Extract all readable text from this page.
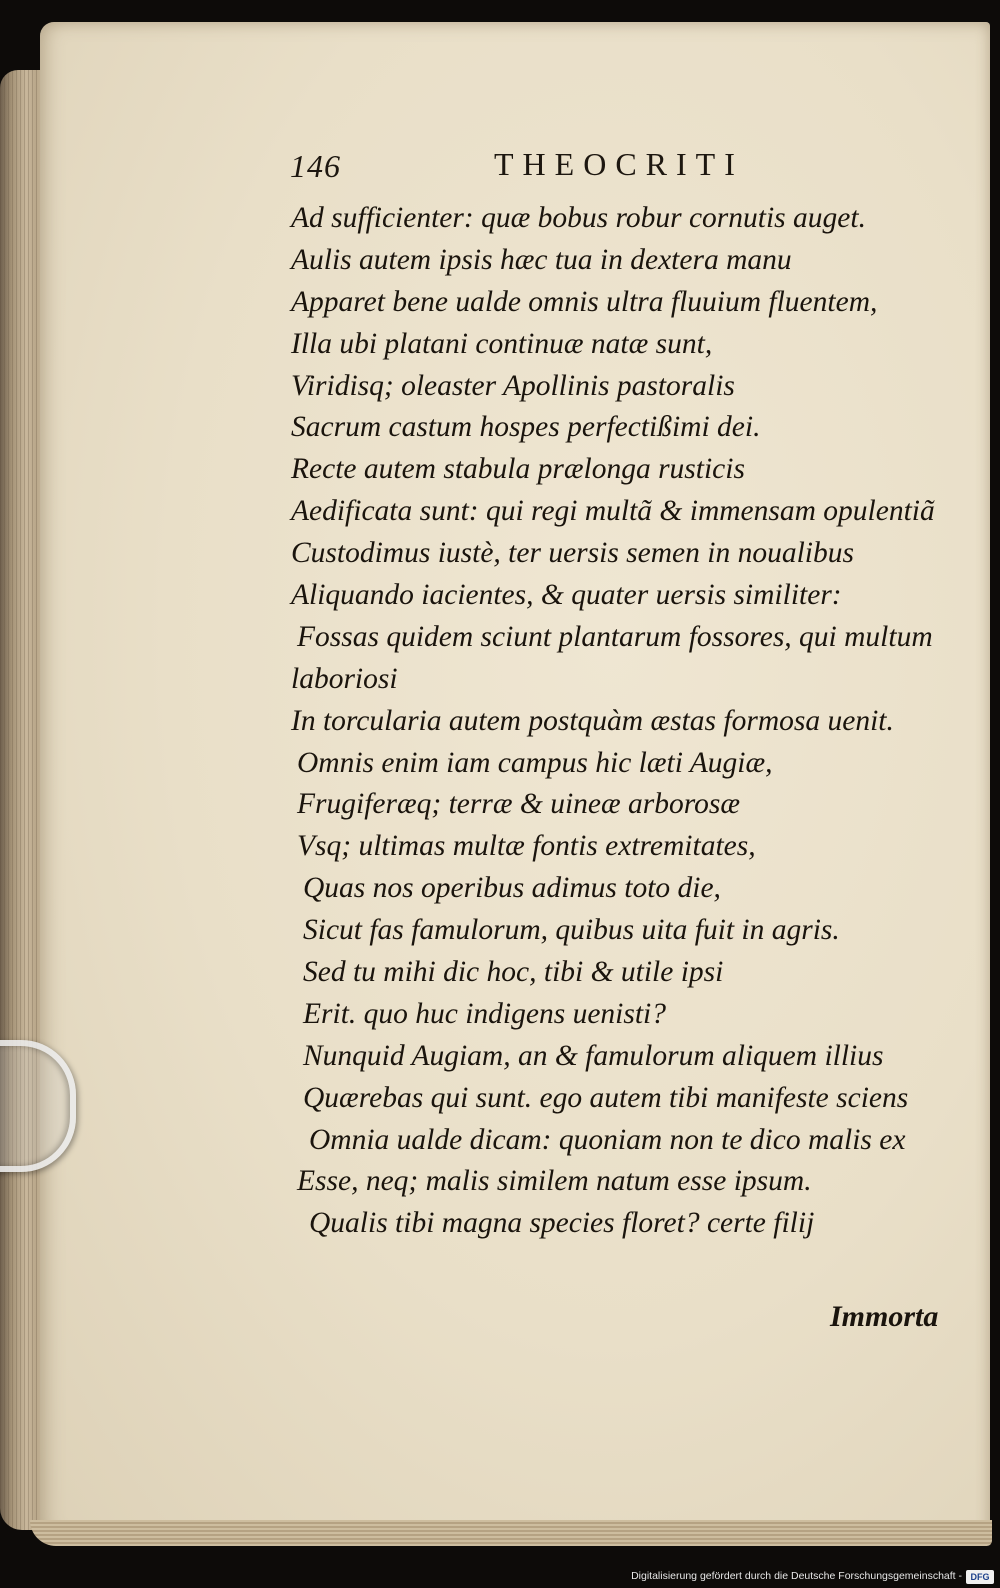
146	THEOCRITI
Ad sufficienter: quæ bobus robur cornutis auget.
Aulis autem ipsis hæc tua in dextera manu
Apparet bene ualde omnis ultra fluuium fluentem,
Illa ubi platani continuæ natæ sunt,
Viridisq; oleaster Apollinis pastoralis
Sacrum castum hospes perfectißimi dei.
Recte autem stabula prælonga rusticis
Aedificata sunt: qui regi multã & immensam opulentiã
Custodimus iustè, ter uersis semen in noualibus
Aliquando iacientes, & quater uersis similiter:
Fossas quidem sciunt plantarum fossores, qui multum
laboriosi
In torcularia autem postquàm æstas formosa uenit.
Omnis enim iam campus hic læti Augiæ,
Frugiferæq; terræ & uineæ arborosæ
Vsq; ultimas multæ fontis extremitates,
Quas nos operibus adimus toto die,
Sicut fas famulorum, quibus uita fuit in agris.
Sed tu mihi dic hoc, tibi & utile ipsi
Erit. quo huc indigens uenisti?
Nunquid Augiam, an & famulorum aliquem illius
Quærebas qui sunt. ego autem tibi manifeste sciens
Omnia ualde dicam: quoniam non te dico malis ex
Esse, neq; malis similem natum esse ipsum.
Qualis tibi magna species floret? certe filij
Immorta
Digitalisierung gefördert durch die Deutsche Forschungsgemeinschaft - DFG
